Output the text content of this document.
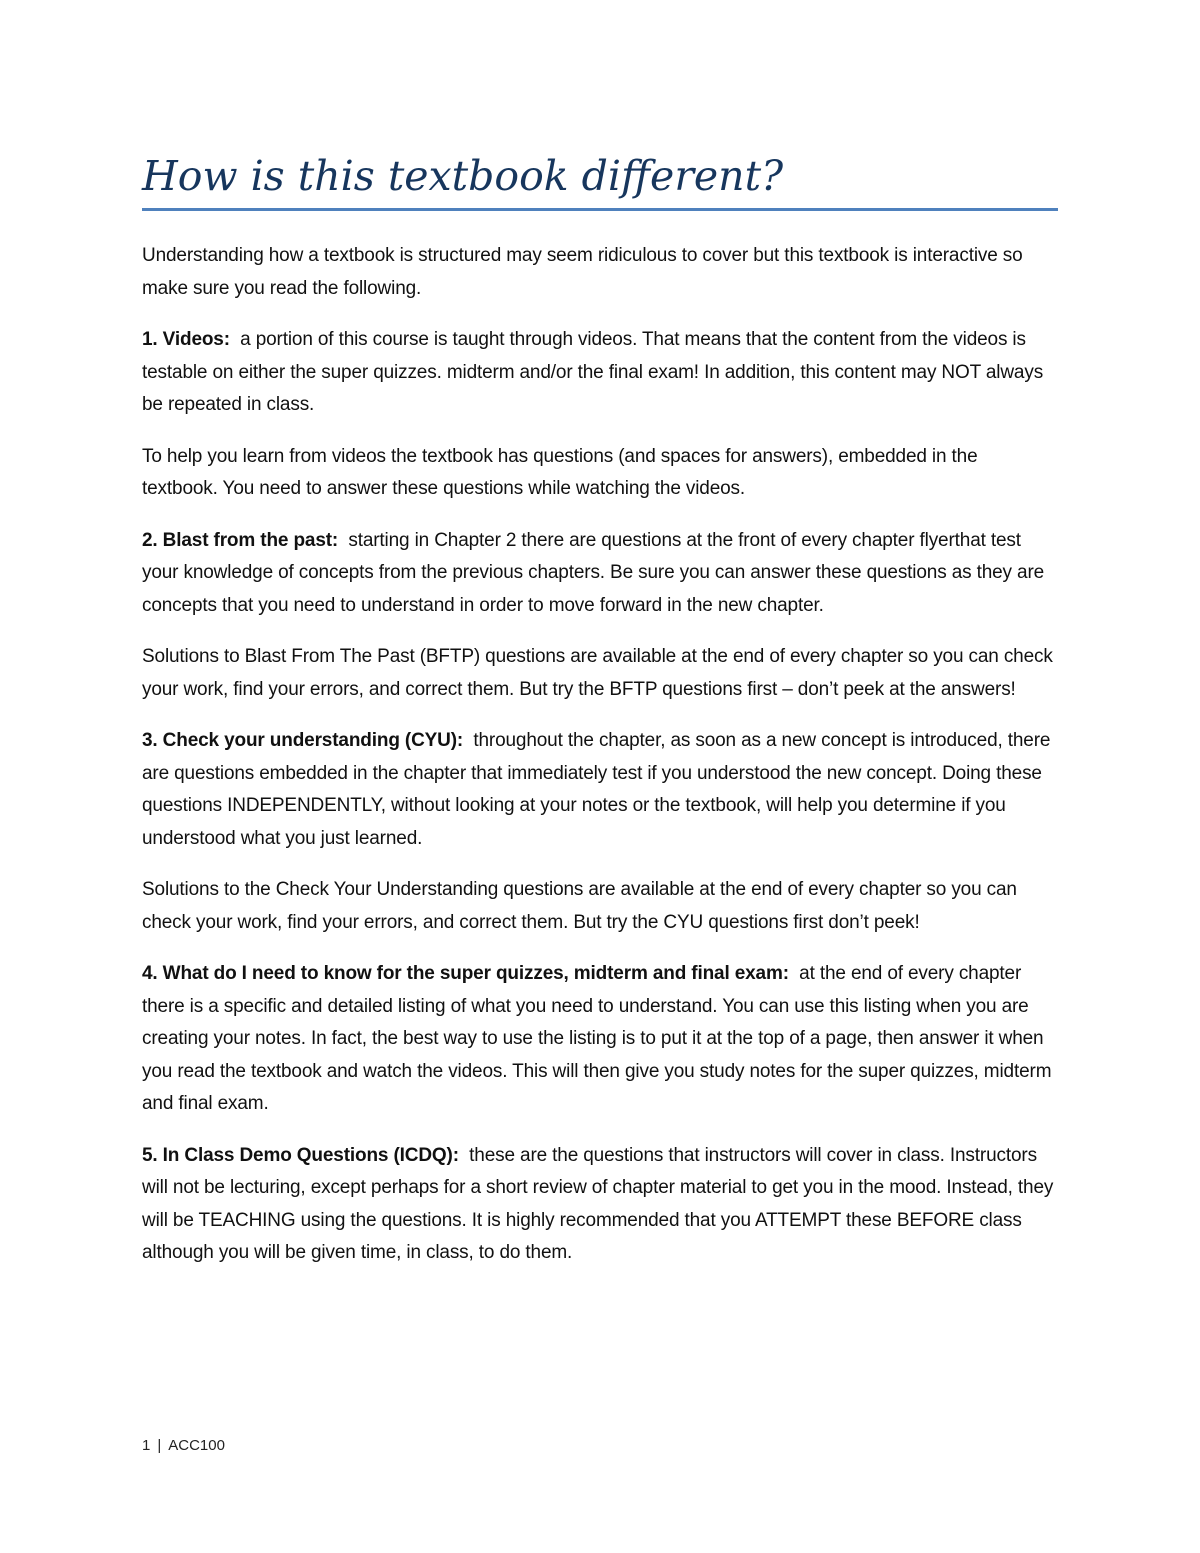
How is this textbook different?

Understanding how a textbook is structured may seem ridiculous to cover but this textbook is interactive so make sure you read the following.

1. Videos: a portion of this course is taught through videos. That means that the content from the videos is testable on either the super quizzes. midterm and/or the final exam! In addition, this content may NOT always be repeated in class.

To help you learn from videos the textbook has questions (and spaces for answers), embedded in the textbook. You need to answer these questions while watching the videos.

2. Blast from the past: starting in Chapter 2 there are questions at the front of every chapter flyerthat test your knowledge of concepts from the previous chapters. Be sure you can answer these questions as they are concepts that you need to understand in order to move forward in the new chapter.

Solutions to Blast From The Past (BFTP) questions are available at the end of every chapter so you can check your work, find your errors, and correct them. But try the BFTP questions first – don’t peek at the answers!

3. Check your understanding (CYU): throughout the chapter, as soon as a new concept is introduced, there are questions embedded in the chapter that immediately test if you understood the new concept. Doing these questions INDEPENDENTLY, without looking at your notes or the textbook, will help you determine if you understood what you just learned.

Solutions to the Check Your Understanding questions are available at the end of every chapter so you can check your work, find your errors, and correct them. But try the CYU questions first don’t peek!

4. What do I need to know for the super quizzes, midterm and final exam: at the end of every chapter there is a specific and detailed listing of what you need to understand. You can use this listing when you are creating your notes. In fact, the best way to use the listing is to put it at the top of a page, then answer it when you read the textbook and watch the videos. This will then give you study notes for the super quizzes, midterm and final exam.

5. In Class Demo Questions (ICDQ): these are the questions that instructors will cover in class. Instructors will not be lecturing, except perhaps for a short review of chapter material to get you in the mood. Instead, they will be TEACHING using the questions. It is highly recommended that you ATTEMPT these BEFORE class although you will be given time, in class, to do them.

1 | ACC100
